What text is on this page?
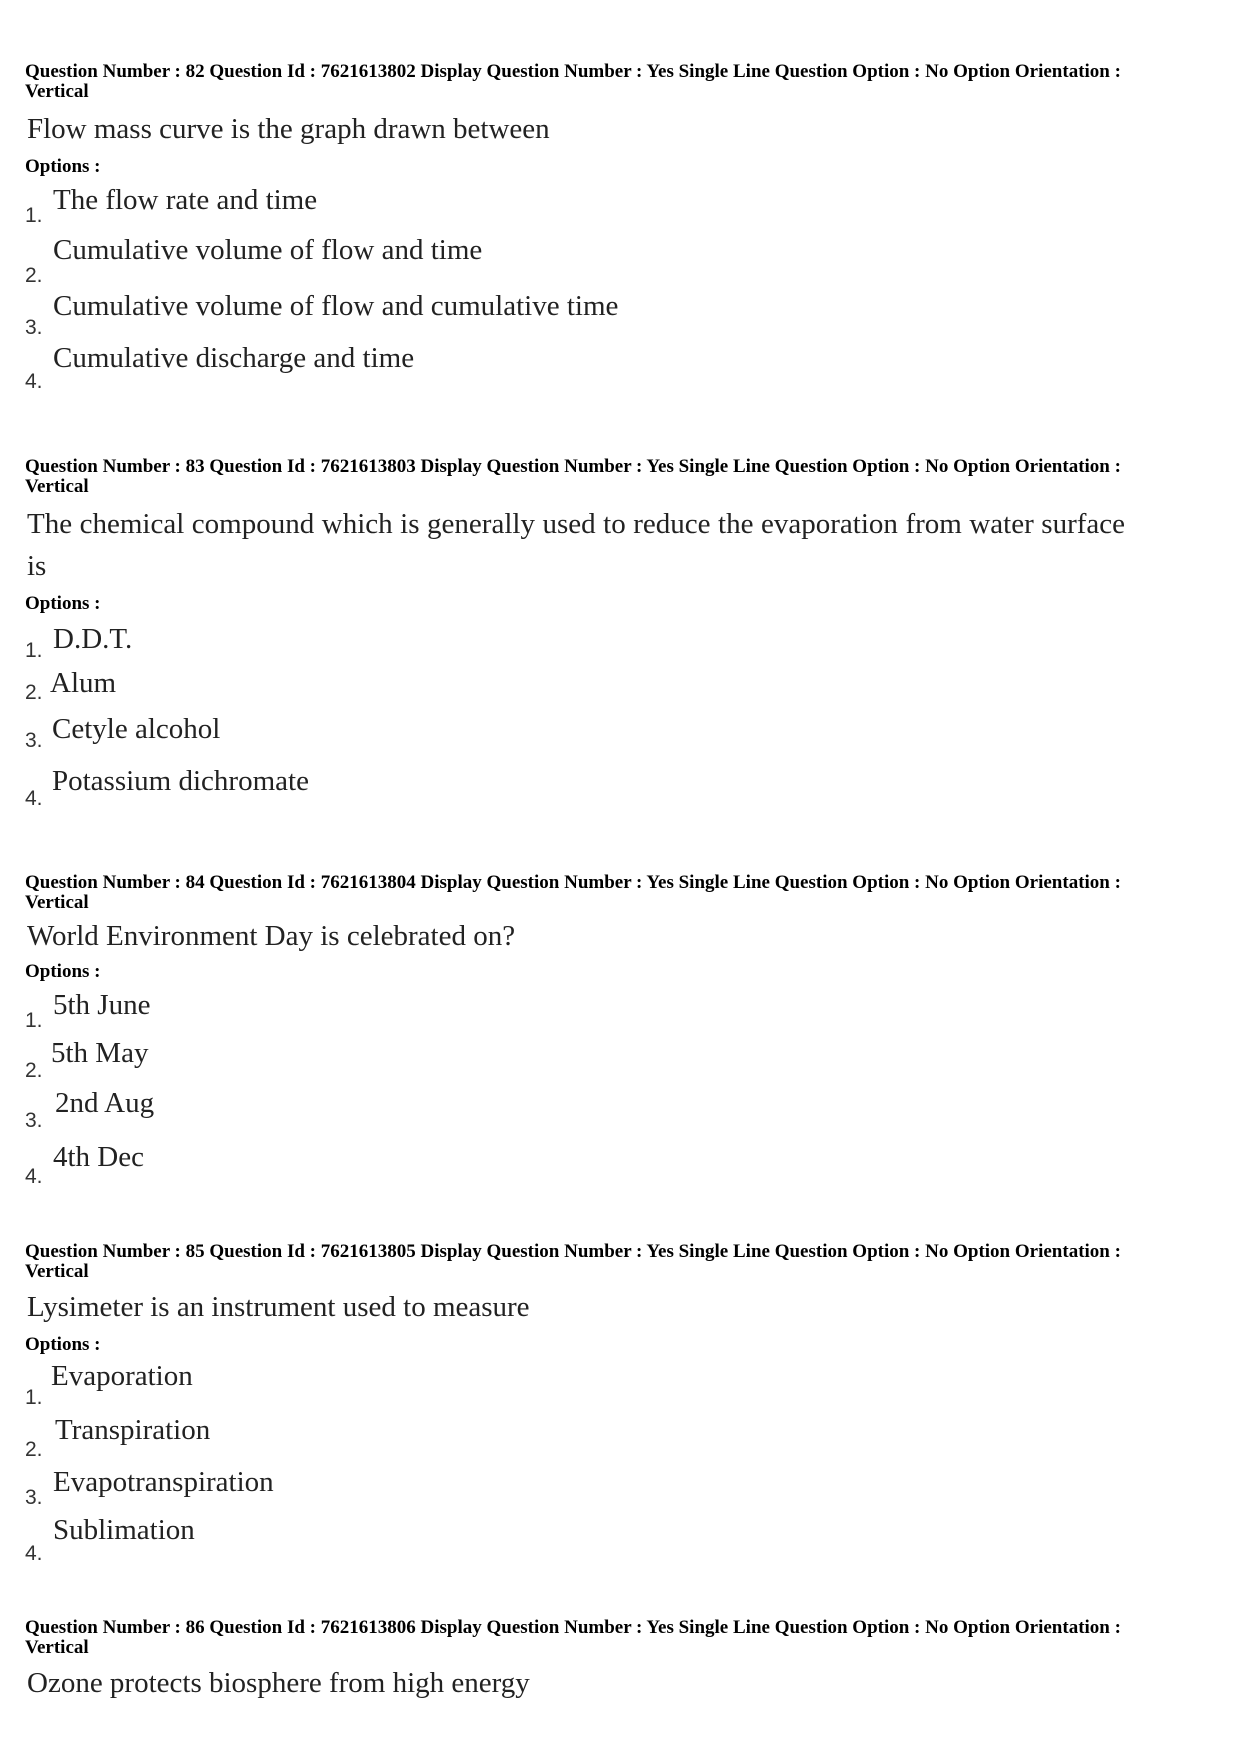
Question Number : 82 Question Id : 7621613802 Display Question Number : Yes Single Line Question Option : No Option Orientation : Vertical
Flow mass curve is the graph drawn between
Options :
1. The flow rate and time
2.
Cumulative volume of flow and time
3.
Cumulative volume of flow and cumulative time
4.
Cumulative discharge and time
Question Number : 83 Question Id : 7621613803 Display Question Number : Yes Single Line Question Option : No Option Orientation : Vertical
The chemical compound which is generally used to reduce the evaporation from water surface is
Options :
1. D.D.T.
2. Alum
3. Cetyle alcohol
4.
Potassium dichromate
Question Number : 84 Question Id : 7621613804 Display Question Number : Yes Single Line Question Option : No Option Orientation : Vertical
World Environment Day is celebrated on?
Options :
1. 5th June
2.
5th May
3.
2nd Aug
4.
4th Dec
Question Number : 85 Question Id : 7621613805 Display Question Number : Yes Single Line Question Option : No Option Orientation : Vertical
Lysimeter is an instrument used to measure
Options :
1.
Evaporation
2.
Transpiration
3. Evapotranspiration
4.
Sublimation
Question Number : 86 Question Id : 7621613806 Display Question Number : Yes Single Line Question Option : No Option Orientation : Vertical
Ozone protects biosphere from high energy
